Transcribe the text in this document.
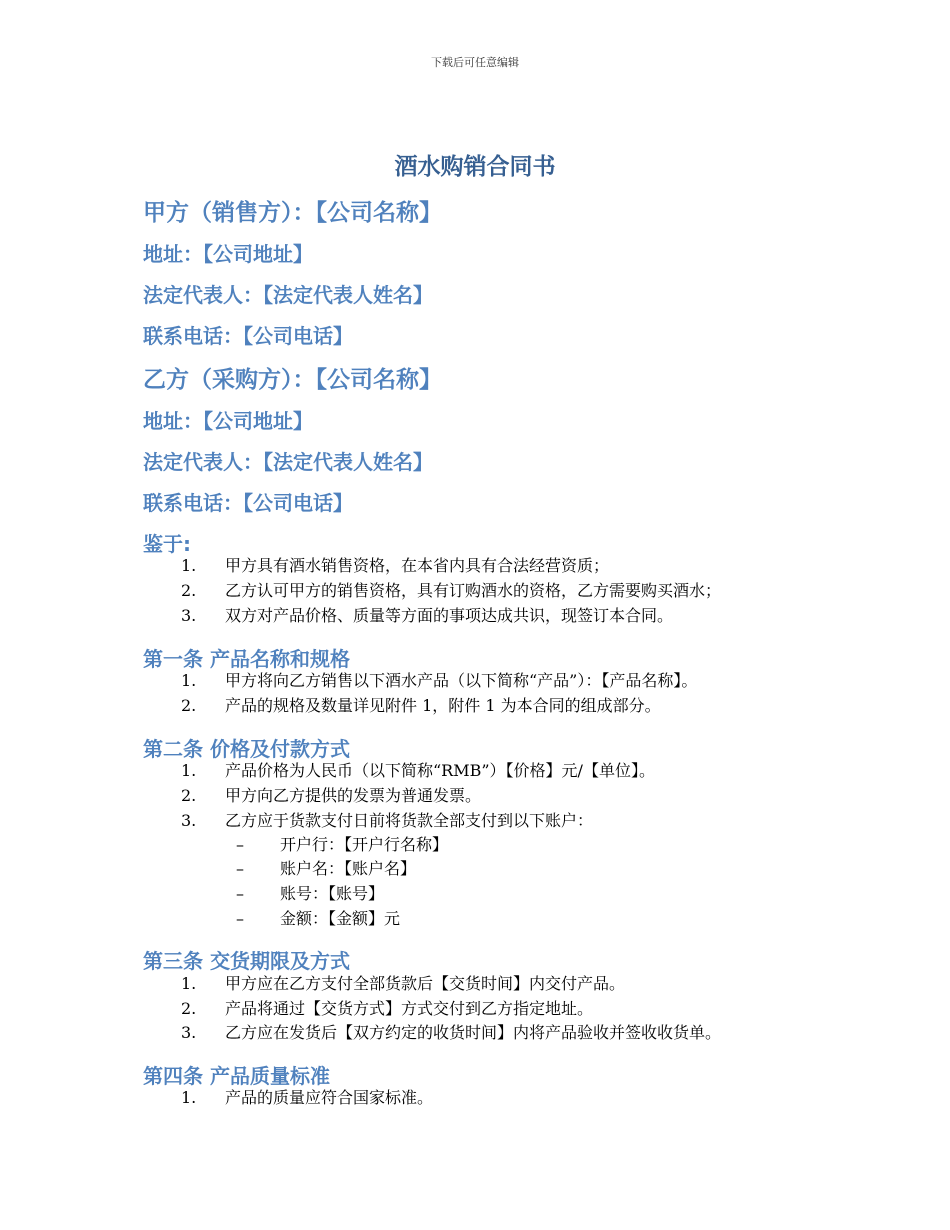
下载后可任意编辑
酒水购销合同书
甲方（销售方）：【公司名称】
地址：【公司地址】
法定代表人：【法定代表人姓名】
联系电话：【公司电话】
乙方（采购方）：【公司名称】
地址：【公司地址】
法定代表人：【法定代表人姓名】
联系电话：【公司电话】
鉴于:
1. 甲方具有酒水销售资格，在本省内具有合法经营资质；
2. 乙方认可甲方的销售资格，具有订购酒水的资格，乙方需要购买酒水；
3. 双方对产品价格、质量等方面的事项达成共识，现签订本合同。
第一条 产品名称和规格
1. 甲方将向乙方销售以下酒水产品（以下简称“产品”）：【产品名称】。
2. 产品的规格及数量详见附件 1，附件 1 为本合同的组成部分。
第二条 价格及付款方式
1. 产品价格为人民币（以下简称“RMB”）【价格】元/【单位】。
2. 甲方向乙方提供的发票为普通发票。
3. 乙方应于货款支付日前将货款全部支付到以下账户：
– 开户行：【开户行名称】
– 账户名：【账户名】
– 账号：【账号】
– 金额：【金额】元
第三条 交货期限及方式
1. 甲方应在乙方支付全部货款后【交货时间】内交付产品。
2. 产品将通过【交货方式】方式交付到乙方指定地址。
3. 乙方应在发货后【双方约定的收货时间】内将产品验收并签收收货单。
第四条 产品质量标准
1. 产品的质量应符合国家标准。
